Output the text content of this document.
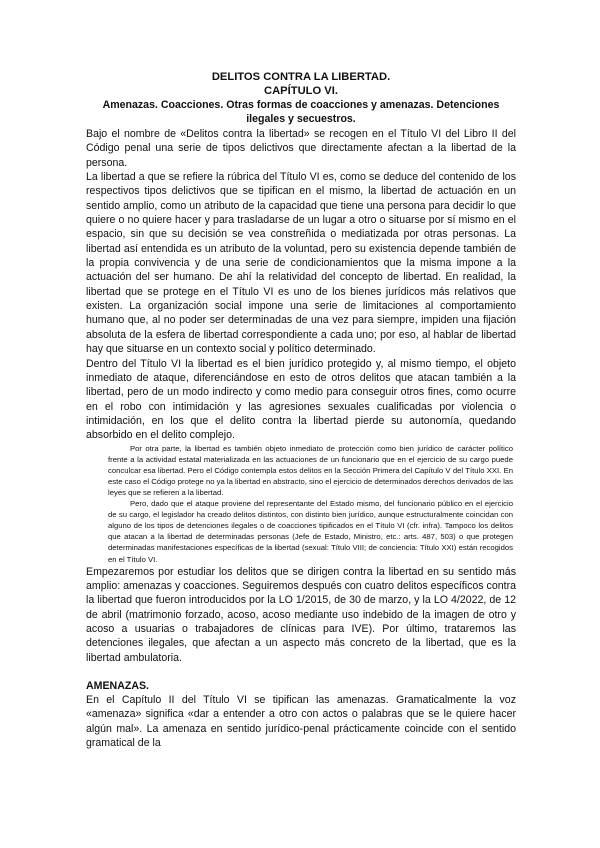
DELITOS CONTRA LA LIBERTAD.

CAPÍTULO VI.

Amenazas. Coacciones. Otras formas de coacciones y amenazas. Detenciones ilegales y secuestros.

Bajo el nombre de «Delitos contra la libertad» se recogen en el Título VI del Libro II del Código penal una serie de tipos delictivos que directamente afectan a la libertad de la persona.

La libertad a que se refiere la rúbrica del Título VI es, como se deduce del contenido de los respectivos tipos delictivos que se tipifican en el mismo, la libertad de actuación en un sentido amplio, como un atributo de la capacidad que tiene una persona para decidir lo que quiere o no quiere hacer y para trasladarse de un lugar a otro o situarse por sí mismo en el espacio, sin que su decisión se vea constreñida o mediatizada por otras personas. La libertad así entendida es un atributo de la voluntad, pero su existencia depende también de la propia convivencia y de una serie de condicionamientos que la misma impone a la actuación del ser humano. De ahí la relatividad del concepto de libertad. En realidad, la libertad que se protege en el Título VI es uno de los bienes jurídicos más relativos que existen. La organización social impone una serie de limitaciones al comportamiento humano que, al no poder ser determinadas de una vez para siempre, impiden una fijación absoluta de la esfera de libertad correspondiente a cada uno; por eso, al hablar de libertad hay que situarse en un contexto social y político determinado.

Dentro del Título VI la libertad es el bien jurídico protegido y, al mismo tiempo, el objeto inmediato de ataque, diferenciándose en esto de otros delitos que atacan también a la libertad, pero de un modo indirecto y como medio para conseguir otros fines, como ocurre en el robo con intimidación y las agresiones sexuales cualificadas por violencia o intimidación, en los que el delito contra la libertad pierde su autonomía, quedando absorbido en el delito complejo.

Por otra parte, la libertad es también objeto inmediato de protección como bien jurídico de carácter político frente a la actividad estatal materializada en las actuaciones de un funcionario que en el ejercicio de su cargo puede conculcar esa libertad. Pero el Código contempla estos delitos en la Sección Primera del Capítulo V del Título XXI. En este caso el Código protege no ya la libertad en abstracto, sino el ejercicio de determinados derechos derivados de las leyes que se refieren a la libertad.

Pero, dado que el ataque proviene del representante del Estado mismo, del funcionario público en el ejercicio de su cargo, el legislador ha creado delitos distintos, con distinto bien jurídico, aunque estructuralmente coincidan con alguno de los tipos de detenciones ilegales o de coacciones tipificados en el Título VI (cfr. infra). Tampoco los delitos que atacan a la libertad de determinadas personas (Jefe de Estado, Ministro, etc.: arts. 487, 503) o que protegen determinadas manifestaciones específicas de la libertad (sexual: Título VIII; de conciencia: Título XXI) están recogidos en el Título VI.

Empezaremos por estudiar los delitos que se dirigen contra la libertad en su sentido más amplio: amenazas y coacciones. Seguiremos después con cuatro delitos específicos contra la libertad que fueron introducidos por la LO 1/2015, de 30 de marzo, y la LO 4/2022, de 12 de abril (matrimonio forzado, acoso, acoso mediante uso indebido de la imagen de otro y acoso a usuarias o trabajadores de clínicas para IVE). Por último, trataremos las detenciones ilegales, que afectan a un aspecto más concreto de la libertad, que es la libertad ambulatoria.

AMENAZAS.

En el Capítulo II del Título VI se tipifican las amenazas. Gramaticalmente la voz «amenaza» significa «dar a entender a otro con actos o palabras que se le quiere hacer algún mal». La amenaza en sentido jurídico-penal prácticamente coincide con el sentido gramatical de la
